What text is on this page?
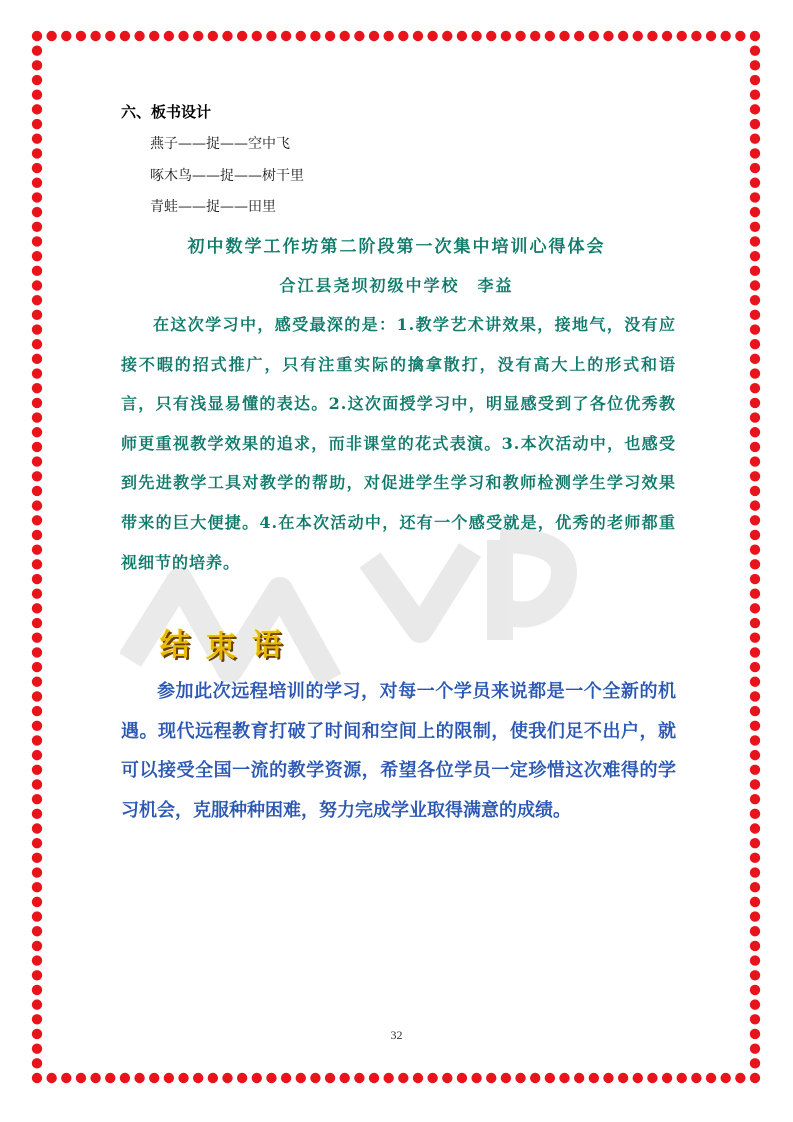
六、板书设计
燕子——捉——空中飞
啄木鸟——捉——树干里
青蛙——捉——田里
初中数学工作坊第二阶段第一次集中培训心得体会
合江县尧坝初级中学校　李益
在这次学习中，感受最深的是：1.教学艺术讲效果，接地气，没有应接不暇的招式推广，只有注重实际的擒拿散打，没有高大上的形式和语言，只有浅显易懂的表达。2.这次面授学习中，明显感受到了各位优秀教师更重视教学效果的追求，而非课堂的花式表演。3.本次活动中，也感受到先进教学工具对教学的帮助，对促进学生学习和教师检测学生学习效果带来的巨大便捷。4.在本次活动中，还有一个感受就是，优秀的老师都重视细节的培养。
结 束 语
参加此次远程培训的学习，对每一个学员来说都是一个全新的机遇。现代远程教育打破了时间和空间上的限制，使我们足不出户，就可以接受全国一流的教学资源，希望各位学员一定珍惜这次难得的学习机会，克服种种困难，努力完成学业取得满意的成绩。
32
